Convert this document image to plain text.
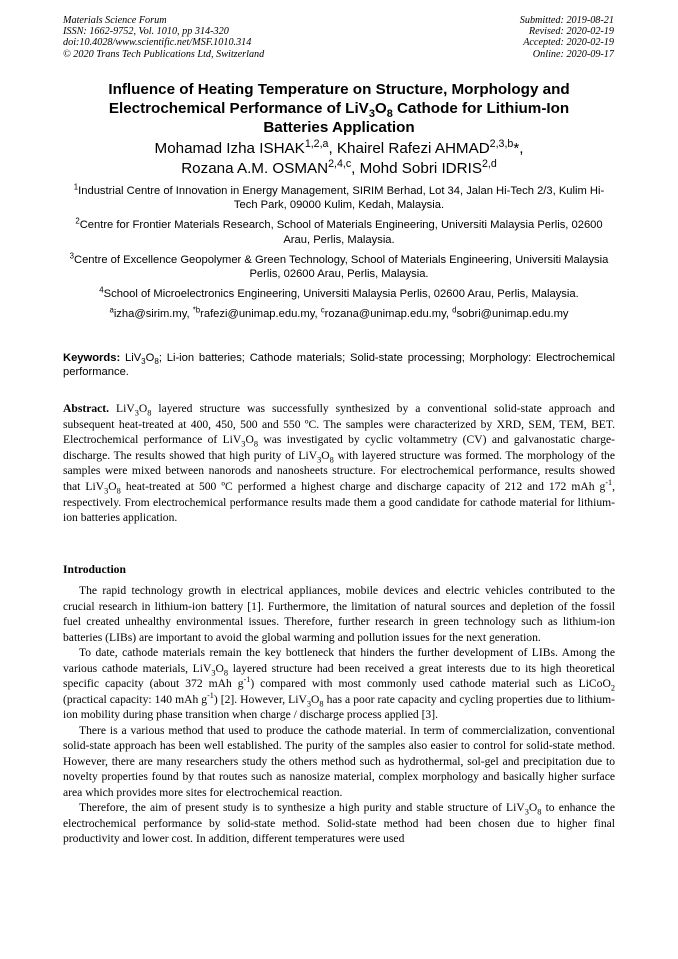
Materials Science Forum
ISSN: 1662-9752, Vol. 1010, pp 314-320
doi:10.4028/www.scientific.net/MSF.1010.314
© 2020 Trans Tech Publications Ltd, Switzerland
Submitted: 2019-08-21
Revised: 2020-02-19
Accepted: 2020-02-19
Online: 2020-09-17
Influence of Heating Temperature on Structure, Morphology and
Electrochemical Performance of $LiV_3O_8$ Cathode for Lithium-Ion
Batteries Application
Mohamad Izha ISHAK$^{1,2,a}$, Khairel Rafezi AHMAD$^{2,3,b}$*,
Rozana A.M. OSMAN$^{2,4,c}$, Mohd Sobri IDRIS$^{2,d}$
$^1$Industrial Centre of Innovation in Energy Management, SIRIM Berhad, Lot 34, Jalan Hi-Tech 2/3, Kulim Hi-Tech Park, 09000 Kulim, Kedah, Malaysia.
$^2$Centre for Frontier Materials Research, School of Materials Engineering, Universiti Malaysia Perlis, 02600 Arau, Perlis, Malaysia.
$^3$Centre of Excellence Geopolymer & Green Technology, School of Materials Engineering, Universiti Malaysia Perlis, 02600 Arau, Perlis, Malaysia.
$^4$School of Microelectronics Engineering, Universiti Malaysia Perlis, 02600 Arau, Perlis, Malaysia.
$^a$izha@sirim.my, $^{*b}$rafezi@unimap.edu.my, $^c$rozana@unimap.edu.my, $^d$sobri@unimap.edu.my
Keywords: $LiV_3O_8$; Li-ion batteries; Cathode materials; Solid-state processing; Morphology: Electrochemical performance.
Abstract. $LiV_3O_8$ layered structure was successfully synthesized by a conventional solid-state approach and subsequent heat-treated at 400, 450, 500 and 550 ºC. The samples were characterized by XRD, SEM, TEM, BET. Electrochemical performance of $LiV_3O_8$ was investigated by cyclic voltammetry (CV) and galvanostatic charge-discharge. The results showed that high purity of $LiV_3O_8$ with layered structure was formed. The morphology of the samples were mixed between nanorods and nanosheets structure. For electrochemical performance, results showed that $LiV_3O_8$ heat-treated at 500 ºC performed a highest charge and discharge capacity of 212 and 172 mAh $g^{-1}$, respectively. From electrochemical performance results made them a good candidate for cathode material for lithium-ion batteries application.
Introduction

The rapid technology growth in electrical appliances, mobile devices and electric vehicles contributed to the crucial research in lithium-ion battery [1]. Furthermore, the limitation of natural sources and depletion of the fossil fuel created unhealthy environmental issues. Therefore, further research in green technology such as lithium-ion batteries (LIBs) are important to avoid the global warming and pollution issues for the next generation.

To date, cathode materials remain the key bottleneck that hinders the further development of LIBs. Among the various cathode materials, $LiV_3O_8$ layered structure had been received a great interests due to its high theoretical specific capacity (about 372 mAh $g^{-1}$) compared with most commonly used cathode material such as LiCoO$_2$ (practical capacity: 140 mAh $g^{-1}$) [2]. However, $LiV_3O_8$ has a poor rate capacity and cycling properties due to lithium-ion mobility during phase transition when charge / discharge process applied [3].

There is a various method that used to produce the cathode material. In term of commercialization, conventional solid-state approach has been well established. The purity of the samples also easier to control for solid-state method. However, there are many researchers study the others method such as hydrothermal, sol-gel and precipitation due to novelty properties found by that routes such as nanosize material, complex morphology and basically higher surface area which provides more sites for electrochemical reaction.

Therefore, the aim of present study is to synthesize a high purity and stable structure of $LiV_3O_8$ to enhance the electrochemical performance by solid-state method. Solid-state method had been chosen due to higher final productivity and lower cost. In addition, different temperatures were used
